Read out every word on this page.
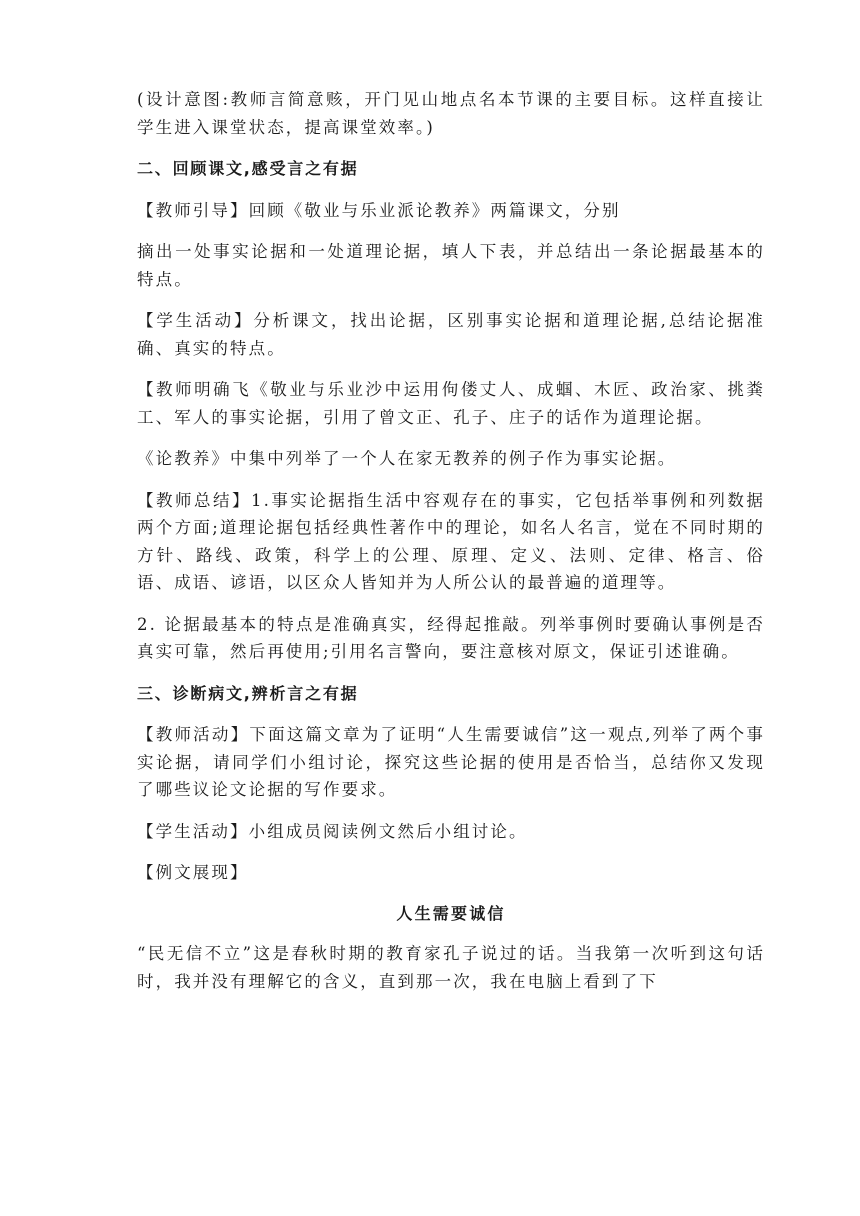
(设计意图:教师言简意赅，开门见山地点名本节课的主要目标。这样直接让学生进入课堂状态，提高课堂效率。)

二、回顾课文,感受言之有据

【教师引导】回顾《敬业与乐业派论教养》两篇课文，分别

摘出一处事实论据和一处道理论据，填人下表，并总结出一条论据最基本的特点。

【学生活动】分析课文，找出论据，区别事实论据和道理论据,总结论据准确、真实的特点。

【教师明确飞《敬业与乐业沙中运用佝偻丈人、成蝈、木匠、政治家、挑粪工、军人的事实论据，引用了曾文正、孔子、庄子的话作为道理论据。

《论教养》中集中列举了一个人在家无教养的例子作为事实论据。

【教师总结】1.事实论据指生活中容观存在的事实，它包括举事例和列数据两个方面;道理论据包括经典性著作中的理论，如名人名言，觉在不同时期的方针、路线、政策，科学上的公理、原理、定义、法则、定律、格言、俗语、成语、谚语，以区众人皆知并为人所公认的最普遍的道理等。

2. 论据最基本的特点是准确真实，经得起推敲。列举事例时要确认事例是否真实可靠，然后再使用;引用名言警向，要注意核对原文，保证引述谁确。

三、诊断病文,辨析言之有据

【教师活动】下面这篇文章为了证明“人生需要诚信”这一观点,列举了两个事实论据，请同学们小组讨论，探究这些论据的使用是否恰当，总结你又发现了哪些议论文论据的写作要求。

【学生活动】小组成员阅读例文然后小组讨论。

【例文展现】

人生需要诚信

“民无信不立”这是春秋时期的教育家孔子说过的话。当我第一次听到这句话时，我并没有理解它的含义，直到那一次，我在电脑上看到了下
